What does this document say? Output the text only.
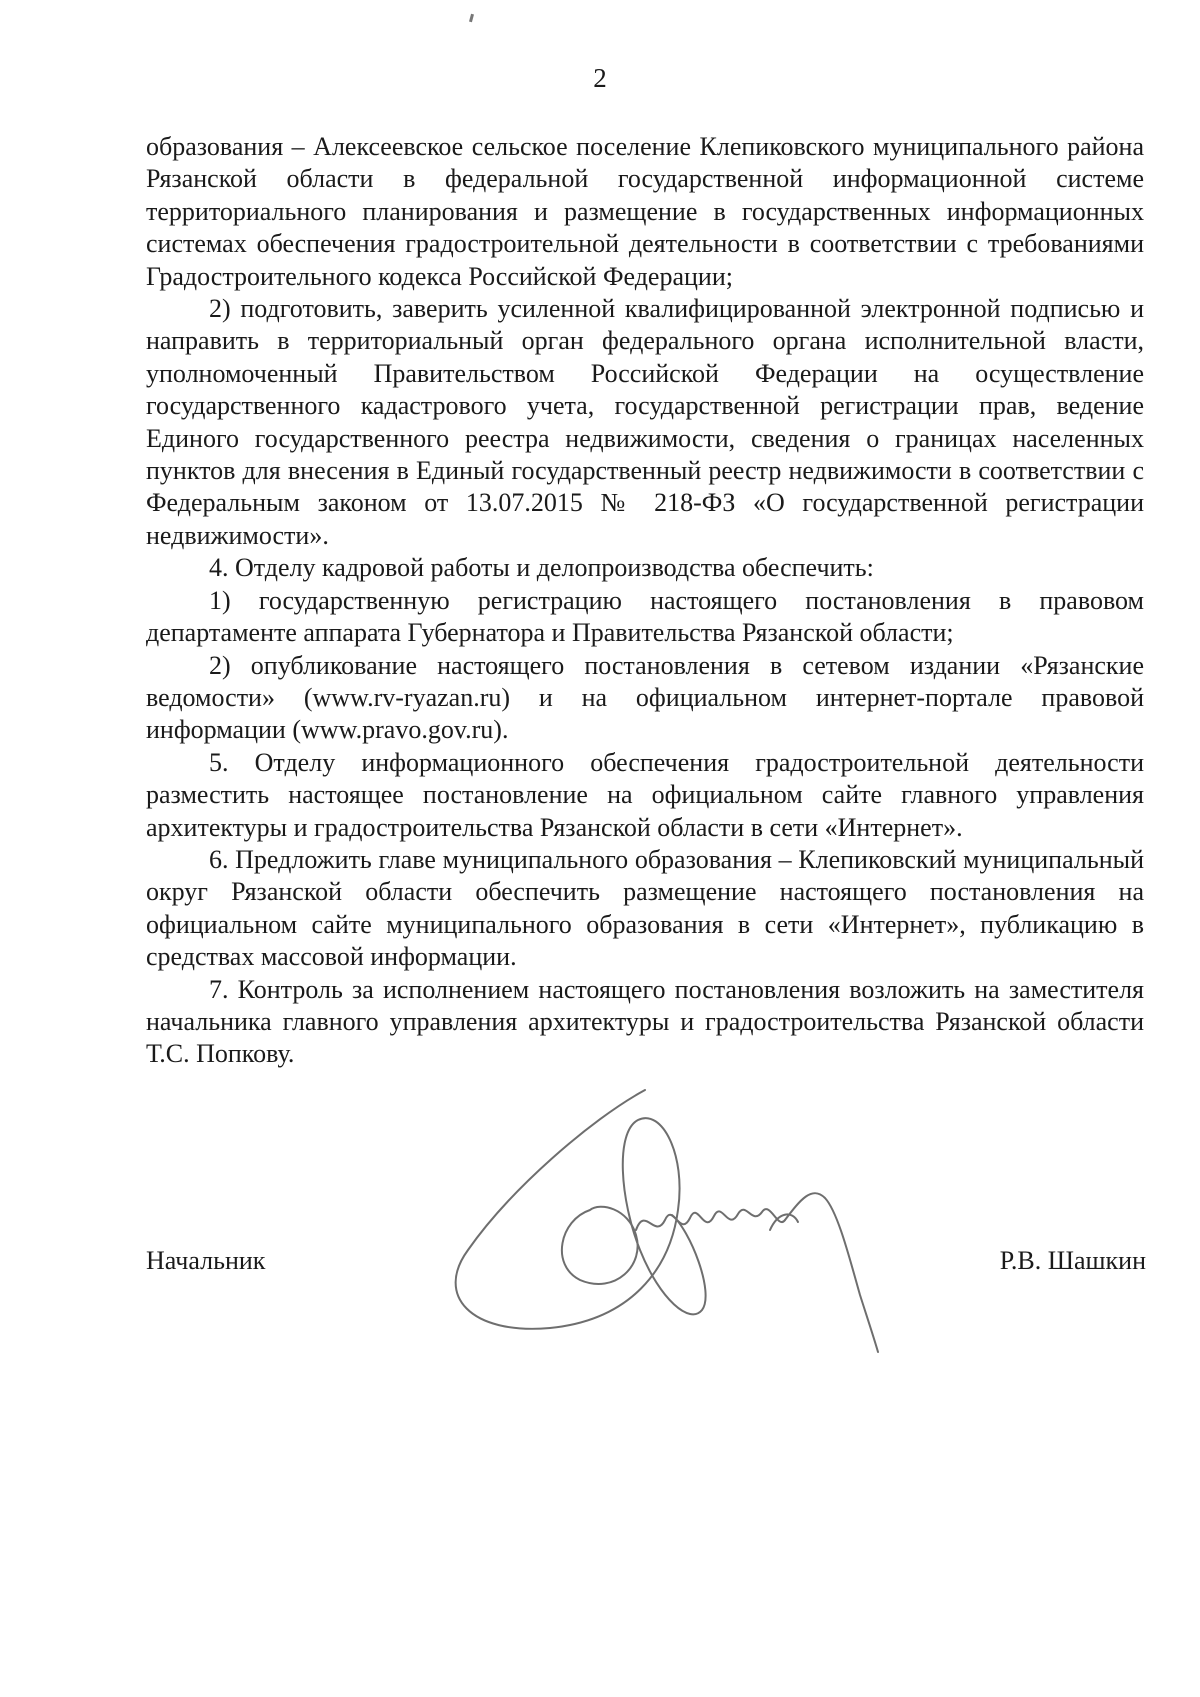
2

образования – Алексеевское сельское поселение Клепиковского муниципального района Рязанской области в федеральной государственной информационной системе территориального планирования и размещение в государственных информационных системах обеспечения градостроительной деятельности в соответствии с требованиями Градостроительного кодекса Российской Федерации;

2) подготовить, заверить усиленной квалифицированной электронной подписью и направить в территориальный орган федерального органа исполнительной власти, уполномоченный Правительством Российской Федерации на осуществление государственного кадастрового учета, государственной регистрации прав, ведение Единого государственного реестра недвижимости, сведения о границах населенных пунктов для внесения в Единый государственный реестр недвижимости в соответствии с Федеральным законом от 13.07.2015 № 218-ФЗ «О государственной регистрации недвижимости».

4. Отделу кадровой работы и делопроизводства обеспечить:

1) государственную регистрацию настоящего постановления в правовом департаменте аппарата Губернатора и Правительства Рязанской области;

2) опубликование настоящего постановления в сетевом издании «Рязанские ведомости» (www.rv-ryazan.ru) и на официальном интернет-портале правовой информации (www.pravo.gov.ru).

5. Отделу информационного обеспечения градостроительной деятельности разместить настоящее постановление на официальном сайте главного управления архитектуры и градостроительства Рязанской области в сети «Интернет».

6. Предложить главе муниципального образования – Клепиковский муниципальный округ Рязанской области обеспечить размещение настоящего постановления на официальном сайте муниципального образования в сети «Интернет», публикацию в средствах массовой информации.

7. Контроль за исполнением настоящего постановления возложить на заместителя начальника главного управления архитектуры и градостроительства Рязанской области Т.С. Попкову.

Начальник	Р.В. Шашкин
